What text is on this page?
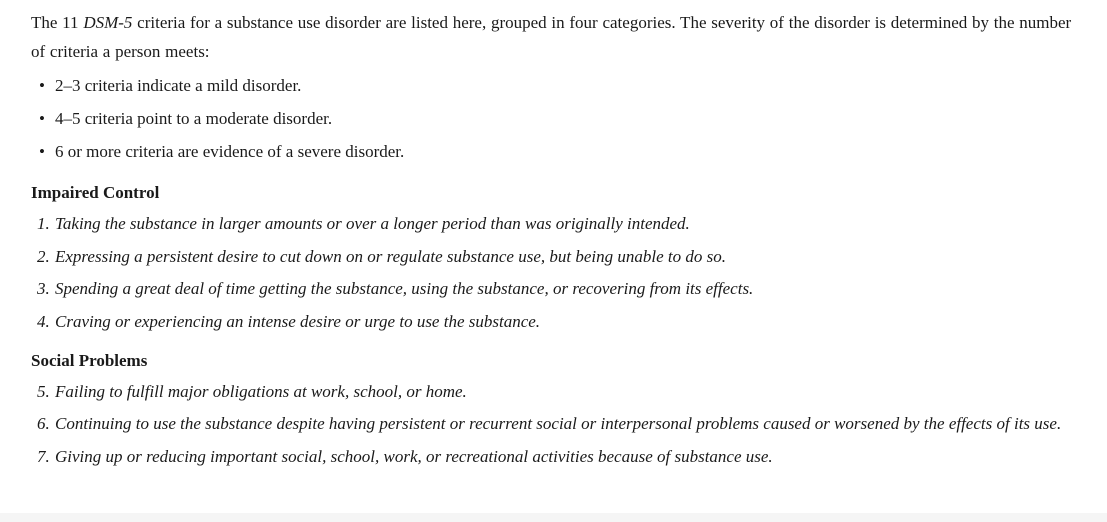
The 11 DSM-5 criteria for a substance use disorder are listed here, grouped in four categories. The severity of the disorder is determined by the number of criteria a person meets:

• 2–3 criteria indicate a mild disorder.
• 4–5 criteria point to a moderate disorder.
• 6 or more criteria are evidence of a severe disorder.
Impaired Control
1. Taking the substance in larger amounts or over a longer period than was originally intended.
2. Expressing a persistent desire to cut down on or regulate substance use, but being unable to do so.
3. Spending a great deal of time getting the substance, using the substance, or recovering from its effects.
4. Craving or experiencing an intense desire or urge to use the substance.
Social Problems
5. Failing to fulfill major obligations at work, school, or home.
6. Continuing to use the substance despite having persistent or recurrent social or interpersonal problems caused or worsened by the effects of its use.
7. Giving up or reducing important social, school, work, or recreational activities because of substance use.
